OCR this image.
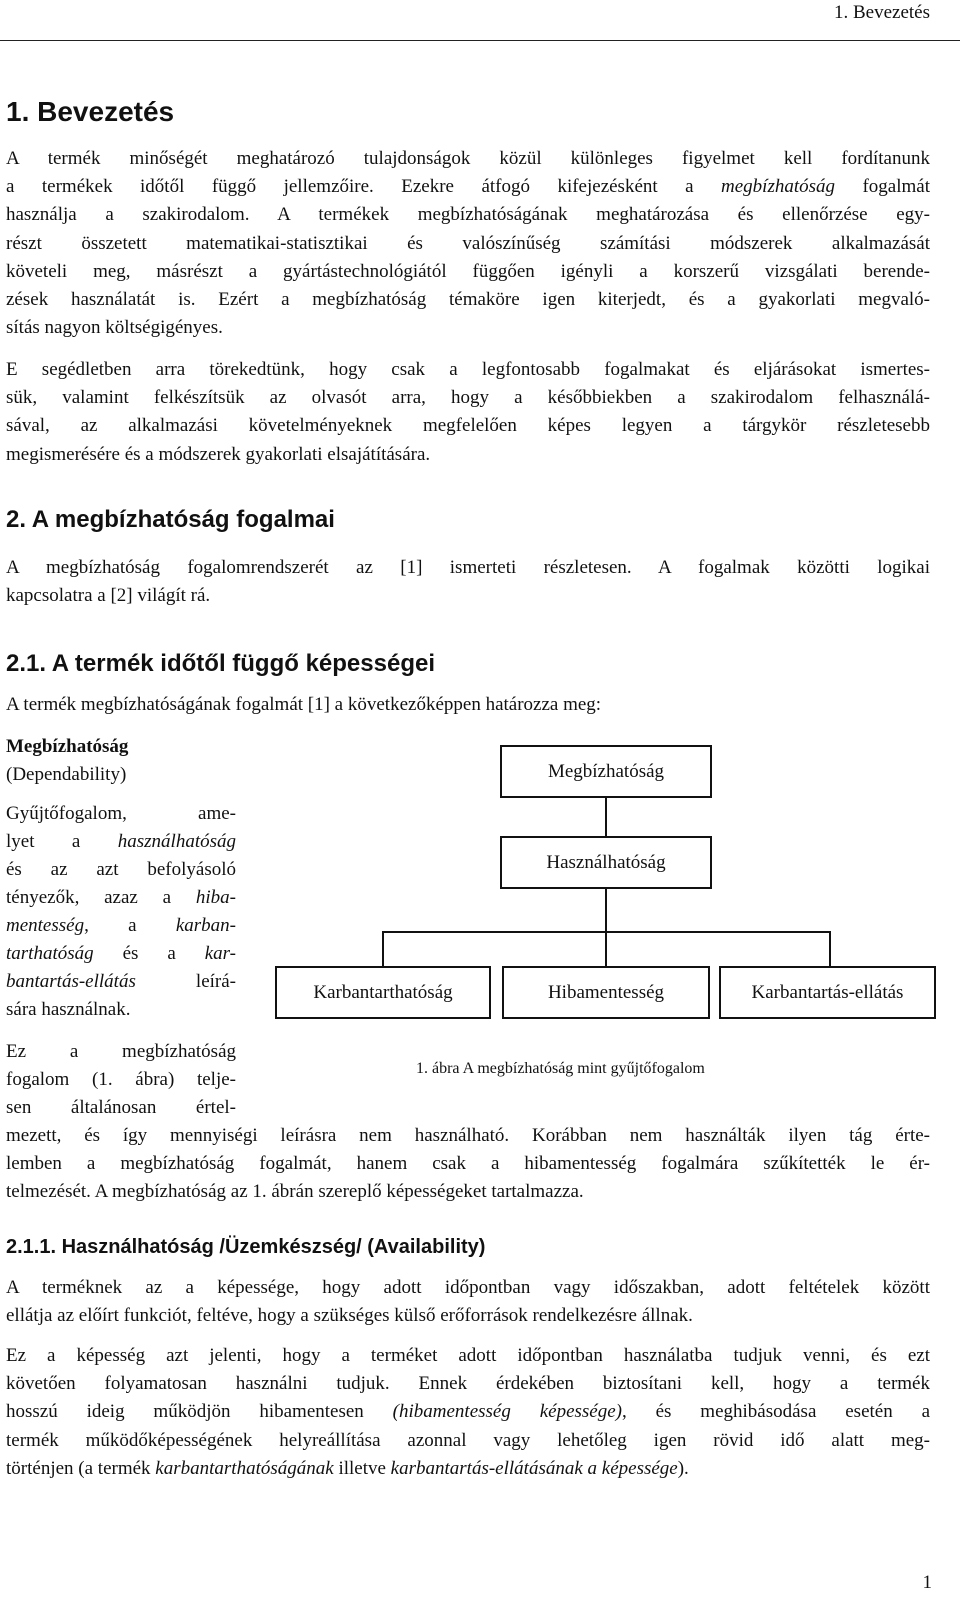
1. Bevezetés
1. Bevezetés
A termék minőségét meghatározó tulajdonságok közül különleges figyelmet kell fordítanunk
a termékek időtől függő jellemzőire. Ezekre átfogó kifejezésként a megbízhatóság fogalmát
használja a szakirodalom. A termékek megbízhatóságának meghatározása és ellenőrzése egy-
részt összetett matematikai-statisztikai és valószínűség számítási módszerek alkalmazását
követeli meg, másrészt a gyártástechnológiától függően igényli a korszerű vizsgálati berende-
zések használatát is. Ezért a megbízhatóság témaköre igen kiterjedt, és a gyakorlati megvaló-
sítás nagyon költségigényes.
E segédletben arra törekedtünk, hogy csak a legfontosabb fogalmakat és eljárásokat ismertes-
sük, valamint felkészítsük az olvasót arra, hogy a későbbiekben a szakirodalom felhasználá-
sával, az alkalmazási követelményeknek megfelelően képes legyen a tárgykör részletesebb
megismerésére és a módszerek gyakorlati elsajátítására.
2. A megbízhatóság fogalmai
A megbízhatóság fogalomrendszerét az [1] ismerteti részletesen. A fogalmak közötti logikai
kapcsolatra a [2] világít rá.
2.1. A termék időtől függő képességei
A termék megbízhatóságának fogalmát [1] a következőképpen határozza meg:
Megbízhatóság
(Dependability)
Gyűjtőfogalom, ame-
lyet a használhatóság
és az azt befolyásoló
tényezők, azaz a hiba-
mentesség, a karban-
tarthatóság és a kar-
bantartás-ellátás leírá-
sára használnak.
Ez a megbízhatóság
fogalom (1. ábra) telje-
sen általánosan értel-
Megbízhatóság
Használhatóság
Karbantarthatóság	Hibamentesség	Karbantartás-ellátás
1. ábra A megbízhatóság mint gyűjtőfogalom
mezett, és így mennyiségi leírásra nem használható. Korábban nem használták ilyen tág érte-
lemben a megbízhatóság fogalmát, hanem csak a hibamentesség fogalmára szűkítették le ér-
telmezését. A megbízhatóság az 1. ábrán szereplő képességeket tartalmazza.
2.1.1. Használhatóság /Üzemkészség/ (Availability)
A terméknek az a képessége, hogy adott időpontban vagy időszakban, adott feltételek között
ellátja az előírt funkciót, feltéve, hogy a szükséges külső erőforrások rendelkezésre állnak.
Ez a képesség azt jelenti, hogy a terméket adott időpontban használatba tudjuk venni, és ezt
követően folyamatosan használni tudjuk. Ennek érdekében biztosítani kell, hogy a termék
hosszú ideig működjön hibamentesen (hibamentesség képessége), és meghibásodása esetén a
termék működőképességének helyreállítása azonnal vagy lehetőleg igen rövid idő alatt meg-
történjen (a termék karbantarthatóságának illetve karbantartás-ellátásának a képessége).
1
